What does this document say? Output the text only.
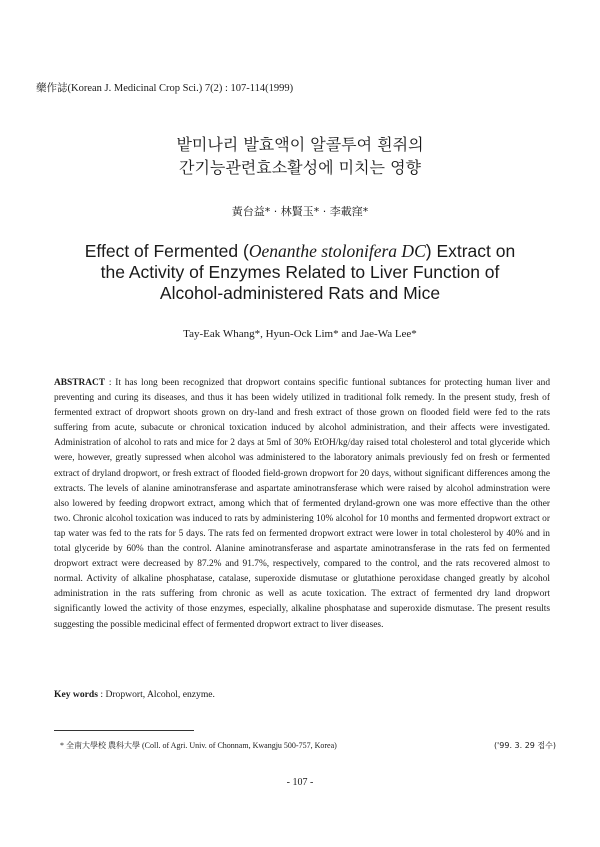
藥作誌(Korean J. Medicinal Crop Sci.) 7(2) : 107-114(1999)
밭미나리 발효액이 알콜투여 흰쥐의
간기능관련효소활성에 미치는 영향
黃台益* · 林賢玉* · 李載窪*
Effect of Fermented (Oenanthe stolonifera DC) Extract on
the Activity of Enzymes Related to Liver Function of
Alcohol-administered Rats and Mice
Tay-Eak Whang*, Hyun-Ock Lim* and Jae-Wa Lee*

ABSTRACT : It has long been recognized that dropwort contains specific funtional subtances for protecting human liver and preventing and curing its diseases, and thus it has been widely utilized in traditional folk remedy. In the present study, fresh of fermented extract of dropwort shoots grown on dry-land and fresh extract of those grown on flooded field were fed to the rats suffering from acute, subacute or chronical toxication induced by alcohol administration, and their affects were investigated. Administration of alcohol to rats and mice for 2 days at 5ml of 30% EtOH/kg/day raised total cholesterol and total glyceride which were, however, greatly supressed when alcohol was administered to the laboratory animals previously fed on fresh or fermented extract of dryland dropwort, or fresh extract of flooded field-grown dropwort for 20 days, without significant differences among the extracts. The levels of alanine aminotransferase and aspartate aminotransferase which were raised by alcohol adminstration were also lowered by feeding dropwort extract, among which that of fermented dryland-grown one was more effective than the other two. Chronic alcohol toxication was induced to rats by administering 10% alcohol for 10 months and fermented dropwort extract or tap water was fed to the rats for 5 days. The rats fed on fermented dropwort extract were lower in total cholesterol by 40% and in total glyceride by 60% than the control. Alanine aminotransferase and aspartate aminotransferase in the rats fed on fermented dropwort extract were decreased by 87.2% and 91.7%, respectively, compared to the control, and the rats recovered almost to normal. Activity of alkaline phosphatase, catalase, superoxide dismutase or glutathione peroxidase changed greatly by alcohol administration in the rats suffering from chronic as well as acute toxication. The extract of fermented dry land dropwort significantly lowed the activity of those enzymes, especially, alkaline phosphatase and superoxide dismutase. The present results suggesting the possible medicinal effect of fermented dropwort extract to liver diseases.

Key words : Dropwort, Alcohol, enzyme.
* 全南大學校 農科大學 (Coll. of Agri. Univ. of Chonnam, Kwangju 500-757, Korea)	('99. 3. 29 접수)
- 107 -
